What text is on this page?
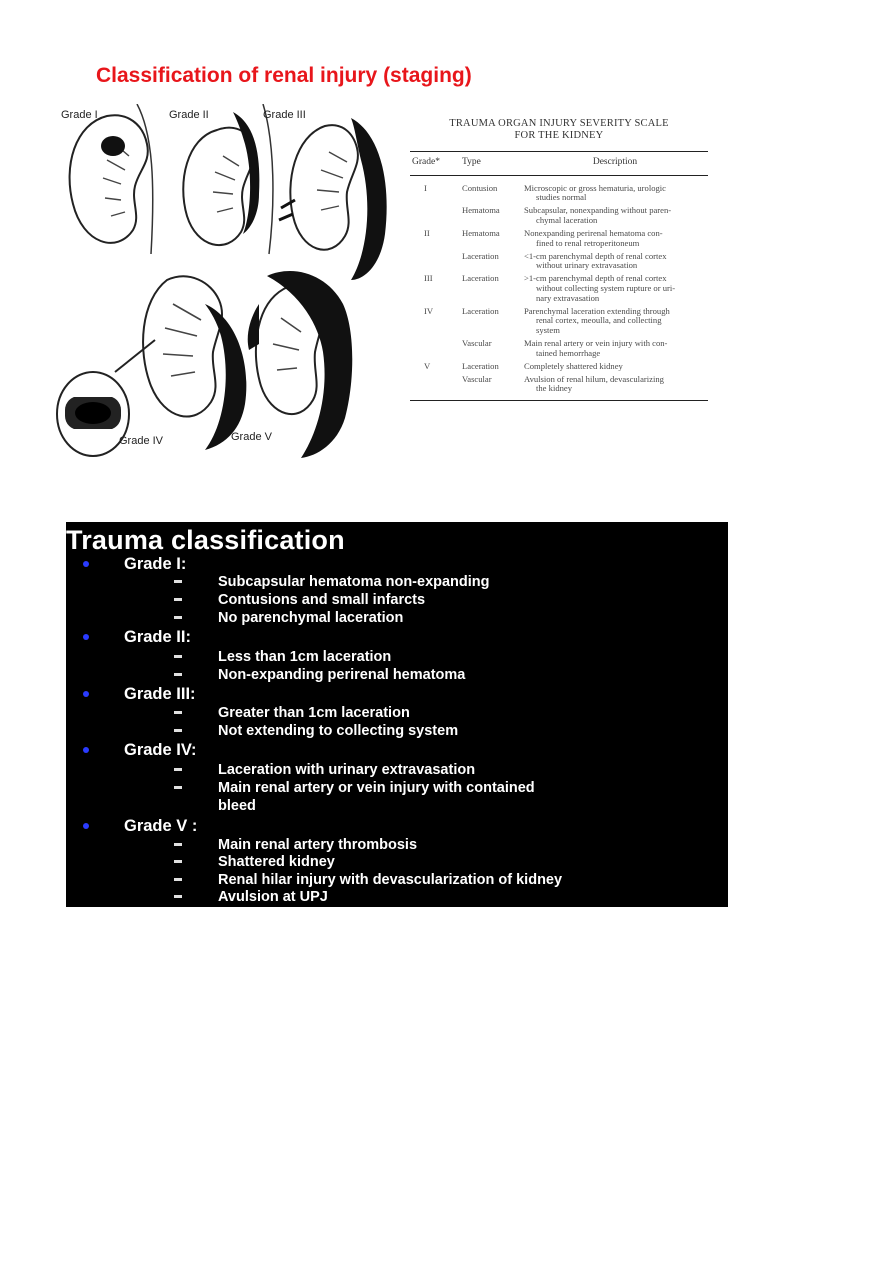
Classification of renal injury (staging)
Grade I	Grade II	Grade III
Grade IV	Grade V
TRAUMA ORGAN INJURY SEVERITY SCALE
FOR THE KIDNEY
Grade*	Type	Description
I	Contusion	Microscopic or gross hematuria, urologic
studies normal

	Hematoma	Subcapsular, nonexpanding without paren-
chymal laceration

II	Hematoma	Nonexpanding perirenal hematoma con-
fined to renal retroperitoneum

	Laceration	<1-cm parenchymal depth of renal cortex
without urinary extravasation

III	Laceration	>1-cm parenchymal depth of renal cortex
without collecting system rupture or uri-
nary extravasation

IV	Laceration	Parenchymal laceration extending through
renal cortex, meoulla, and collecting
system

	Vascular	Main renal artery or vein injury with con-
tained hemorrhage

V	Laceration	Completely shattered kidney

	Vascular	Avulsion of renal hilum, devascularizing
the kidney
Trauma classification
Grade I:
Subcapsular hematoma non-expanding
Contusions and small infarcts
No parenchymal laceration
Grade II:
Less than 1cm laceration
Non-expanding perirenal hematoma
Grade III:
Greater than 1cm laceration
Not extending to collecting system
Grade IV:
Laceration with urinary extravasation
Main renal artery or vein injury with contained
bleed
Grade V :
Main renal artery thrombosis
Shattered kidney
Renal hilar injury with devascularization of kidney
Avulsion at UPJ
